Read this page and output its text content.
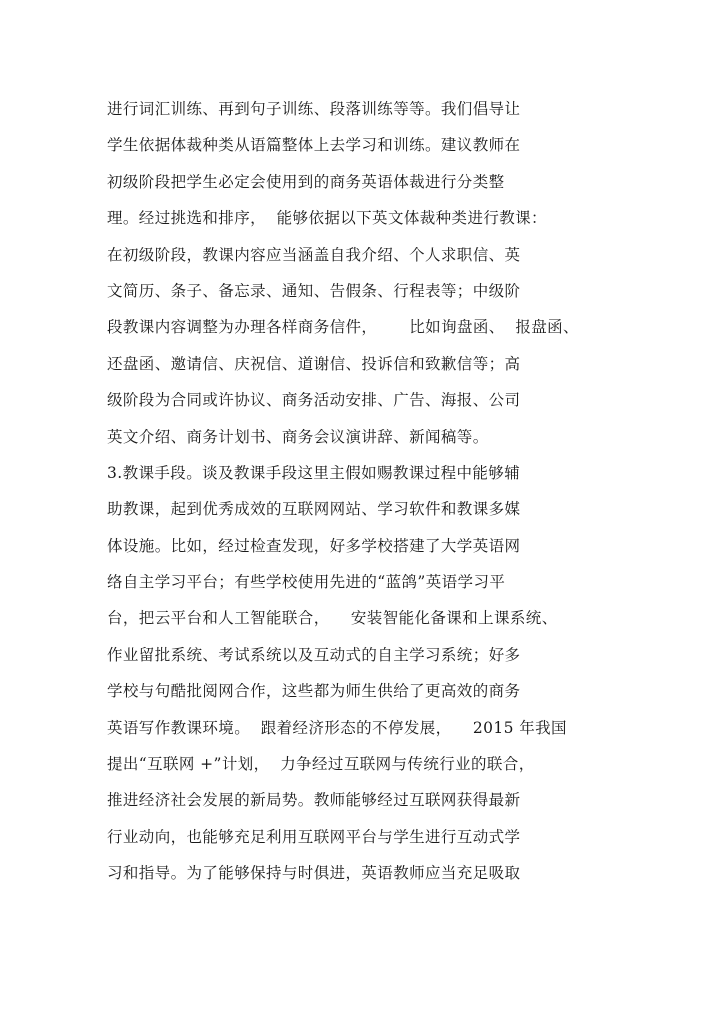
进行词汇训练、再到句子训练、段落训练等等。我们倡导让
学生依据体裁种类从语篇整体上去学习和训练。建议教师在
初级阶段把学生必定会使用到的商务英语体裁进行分类整
理。经过挑选和排序，  能够依据以下英文体裁种类进行教课：
在初级阶段，教课内容应当涵盖自我介绍、个人求职信、英
文简历、条子、备忘录、通知、告假条、行程表等；中级阶
段教课内容调整为办理各样商务信件，      比如询盘函、  报盘函、
还盘函、邀请信、庆祝信、道谢信、投诉信和致歉信等；高
级阶段为合同或许协议、商务活动安排、广告、海报、公司
英文介绍、商务计划书、商务会议演讲辞、新闻稿等。
3.教课手段。谈及教课手段这里主假如赐教课过程中能够辅
助教课，起到优秀成效的互联网网站、学习软件和教课多媒
体设施。比如，经过检查发现，好多学校搭建了大学英语网
络自主学习平台；有些学校使用先进的“蓝鸽”英语学习平
台，把云平台和人工智能联合，    安装智能化备课和上课系统、
作业留批系统、考试系统以及互动式的自主学习系统；好多
学校与句酷批阅网合作，这些都为师生供给了更高效的商务
英语写作教课环境。  跟着经济形态的不停发展，    2015 年我国
提出“互联网 +”计划，  力争经过互联网与传统行业的联合，
推进经济社会发展的新局势。教师能够经过互联网获得最新
行业动向，也能够充足利用互联网平台与学生进行互动式学
习和指导。为了能够保持与时俱进，英语教师应当充足吸取
